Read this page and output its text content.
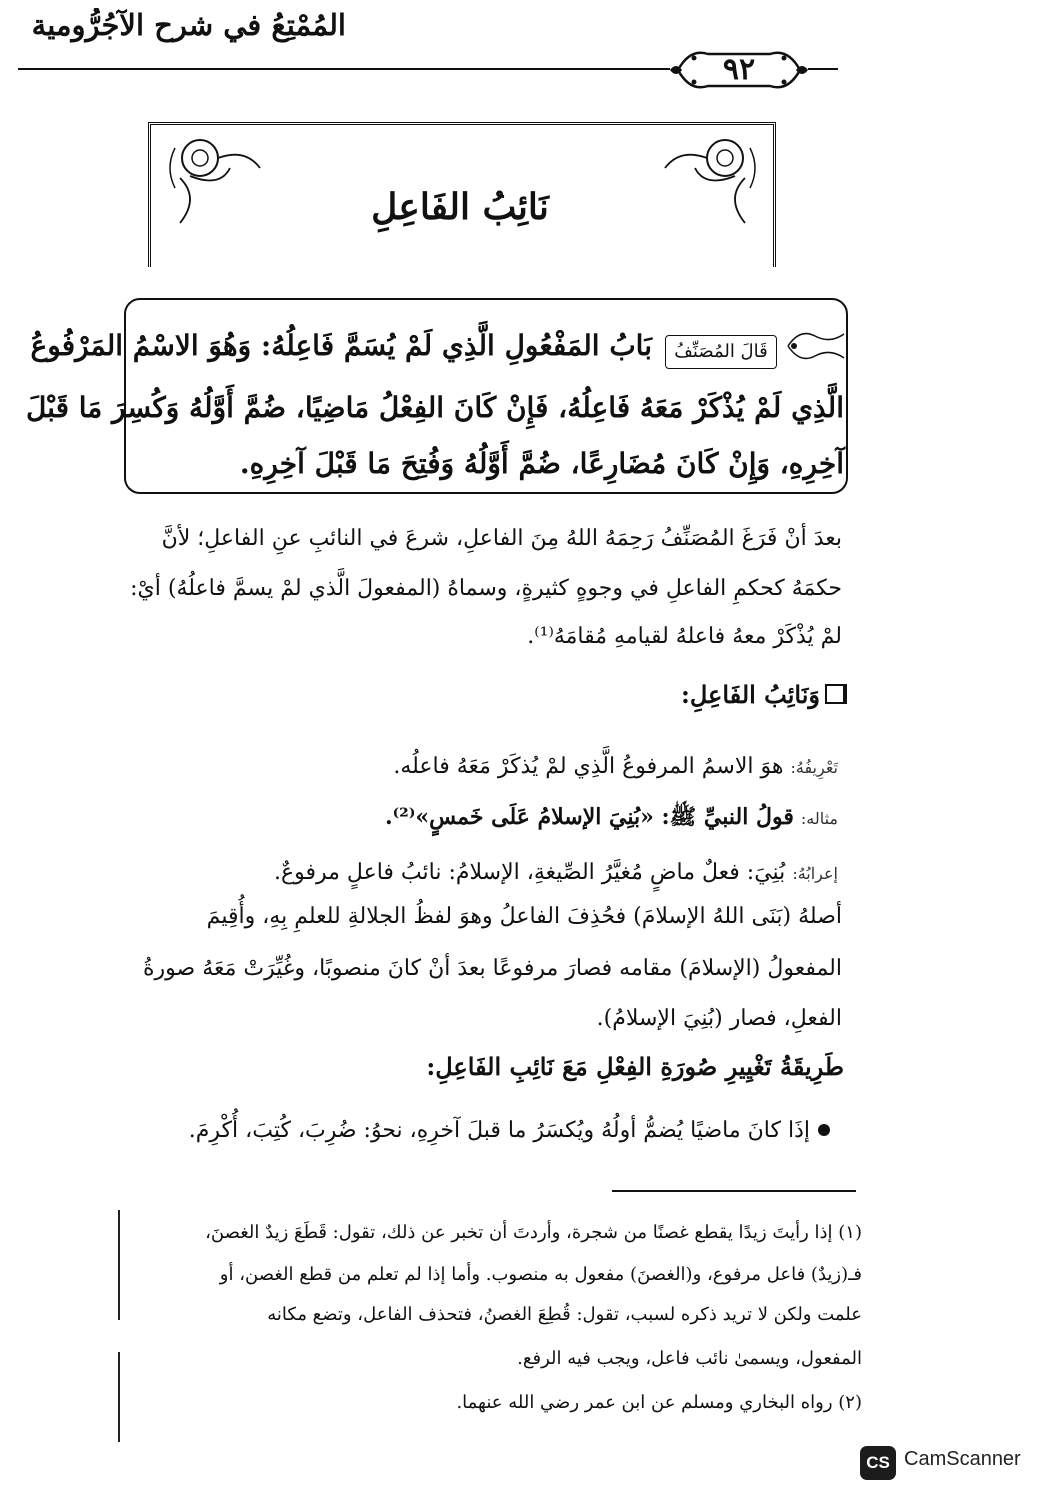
المُمْتِعُ في شرح الآجُرُّومية
٩٢
نَائِبُ الفَاعِلِ
قَالَ المُصَنِّفُ
بَابُ المَفْعُولِ الَّذِي لَمْ يُسَمَّ فَاعِلُهُ: وَهُوَ الاسْمُ المَرْفُوعُ
الَّذِي لَمْ يُذْكَرْ مَعَهُ فَاعِلُهُ، فَإِنْ كَانَ الفِعْلُ مَاضِيًا، ضُمَّ أَوَّلُهُ وَكُسِرَ مَا قَبْلَ
آخِرِهِ، وَإِنْ كَانَ مُضَارِعًا، ضُمَّ أَوَّلُهُ وَفُتِحَ مَا قَبْلَ آخِرِهِ.
بعدَ أنْ فَرَغَ المُصَنِّفُ رَحِمَهُ اللهُ مِنَ الفاعلِ، شرعَ في النائبِ عنِ الفاعلِ؛ لأنَّ
حكمَهُ كحكمِ الفاعلِ في وجوهٍ كثيرةٍ، وسماهُ (المفعولَ الَّذي لمْ يسمَّ فاعلُهُ) أيْ:
لمْ يُذْكَرْ معهُ فاعلهُ لقيامهِ مُقامَهُ⁽¹⁾.
وَنَائِبُ الفَاعِلِ:
تَعْرِيفُهُ: هوَ الاسمُ المرفوعُ الَّذِي لمْ يُذكَرْ مَعَهُ فاعلُه.
مثاله: قولُ النبيِّ ﷺ: «بُنِيَ الإسلامُ عَلَى خَمسٍ»⁽²⁾.
إعرابُهُ: بُنِيَ: فعلٌ ماضٍ مُغيَّرُ الصِّيغةِ، الإسلامُ: نائبُ فاعلٍ مرفوعٌ.
أصلهُ (بَنَى اللهُ الإسلامَ) فحُذِفَ الفاعلُ وهوَ لفظُ الجلالةِ للعلمِ بِهِ، وأُقِيمَ
المفعولُ (الإسلامَ) مقامه فصارَ مرفوعًا بعدَ أنْ كانَ منصوبًا، وغُيِّرَتْ مَعَهُ صورةُ
الفعلِ، فصار (بُنِيَ الإسلامُ).
طَرِيقَةُ تَغْيِيرِ صُورَةِ الفِعْلِ مَعَ نَائِبِ الفَاعِلِ:
إذَا كانَ ماضيًا يُضمُّ أولُهُ ويُكسَرُ ما قبلَ آخرِهِ، نحوُ: ضُرِبَ، كُتِبَ، أُكْرِمَ.
(١) إذا رأيتَ زيدًا يقطع غصنًا من شجرة، وأردتَ أن تخبر عن ذلك، تقول: قَطَعَ زيدٌ الغصنَ،
فـ(زيدٌ) فاعل مرفوع، و(الغصنَ) مفعول به منصوب. وأما إذا لم تعلم من قطع الغصن، أو
علمت ولكن لا تريد ذكره لسبب، تقول: قُطِعَ الغصنُ، فتحذف الفاعل، وتضع مكانه
المفعول، ويسمىٰ نائب فاعل، ويجب فيه الرفع.
(٢) رواه البخاري ومسلم عن ابن عمر رضي الله عنهما.
CS CamScanner
